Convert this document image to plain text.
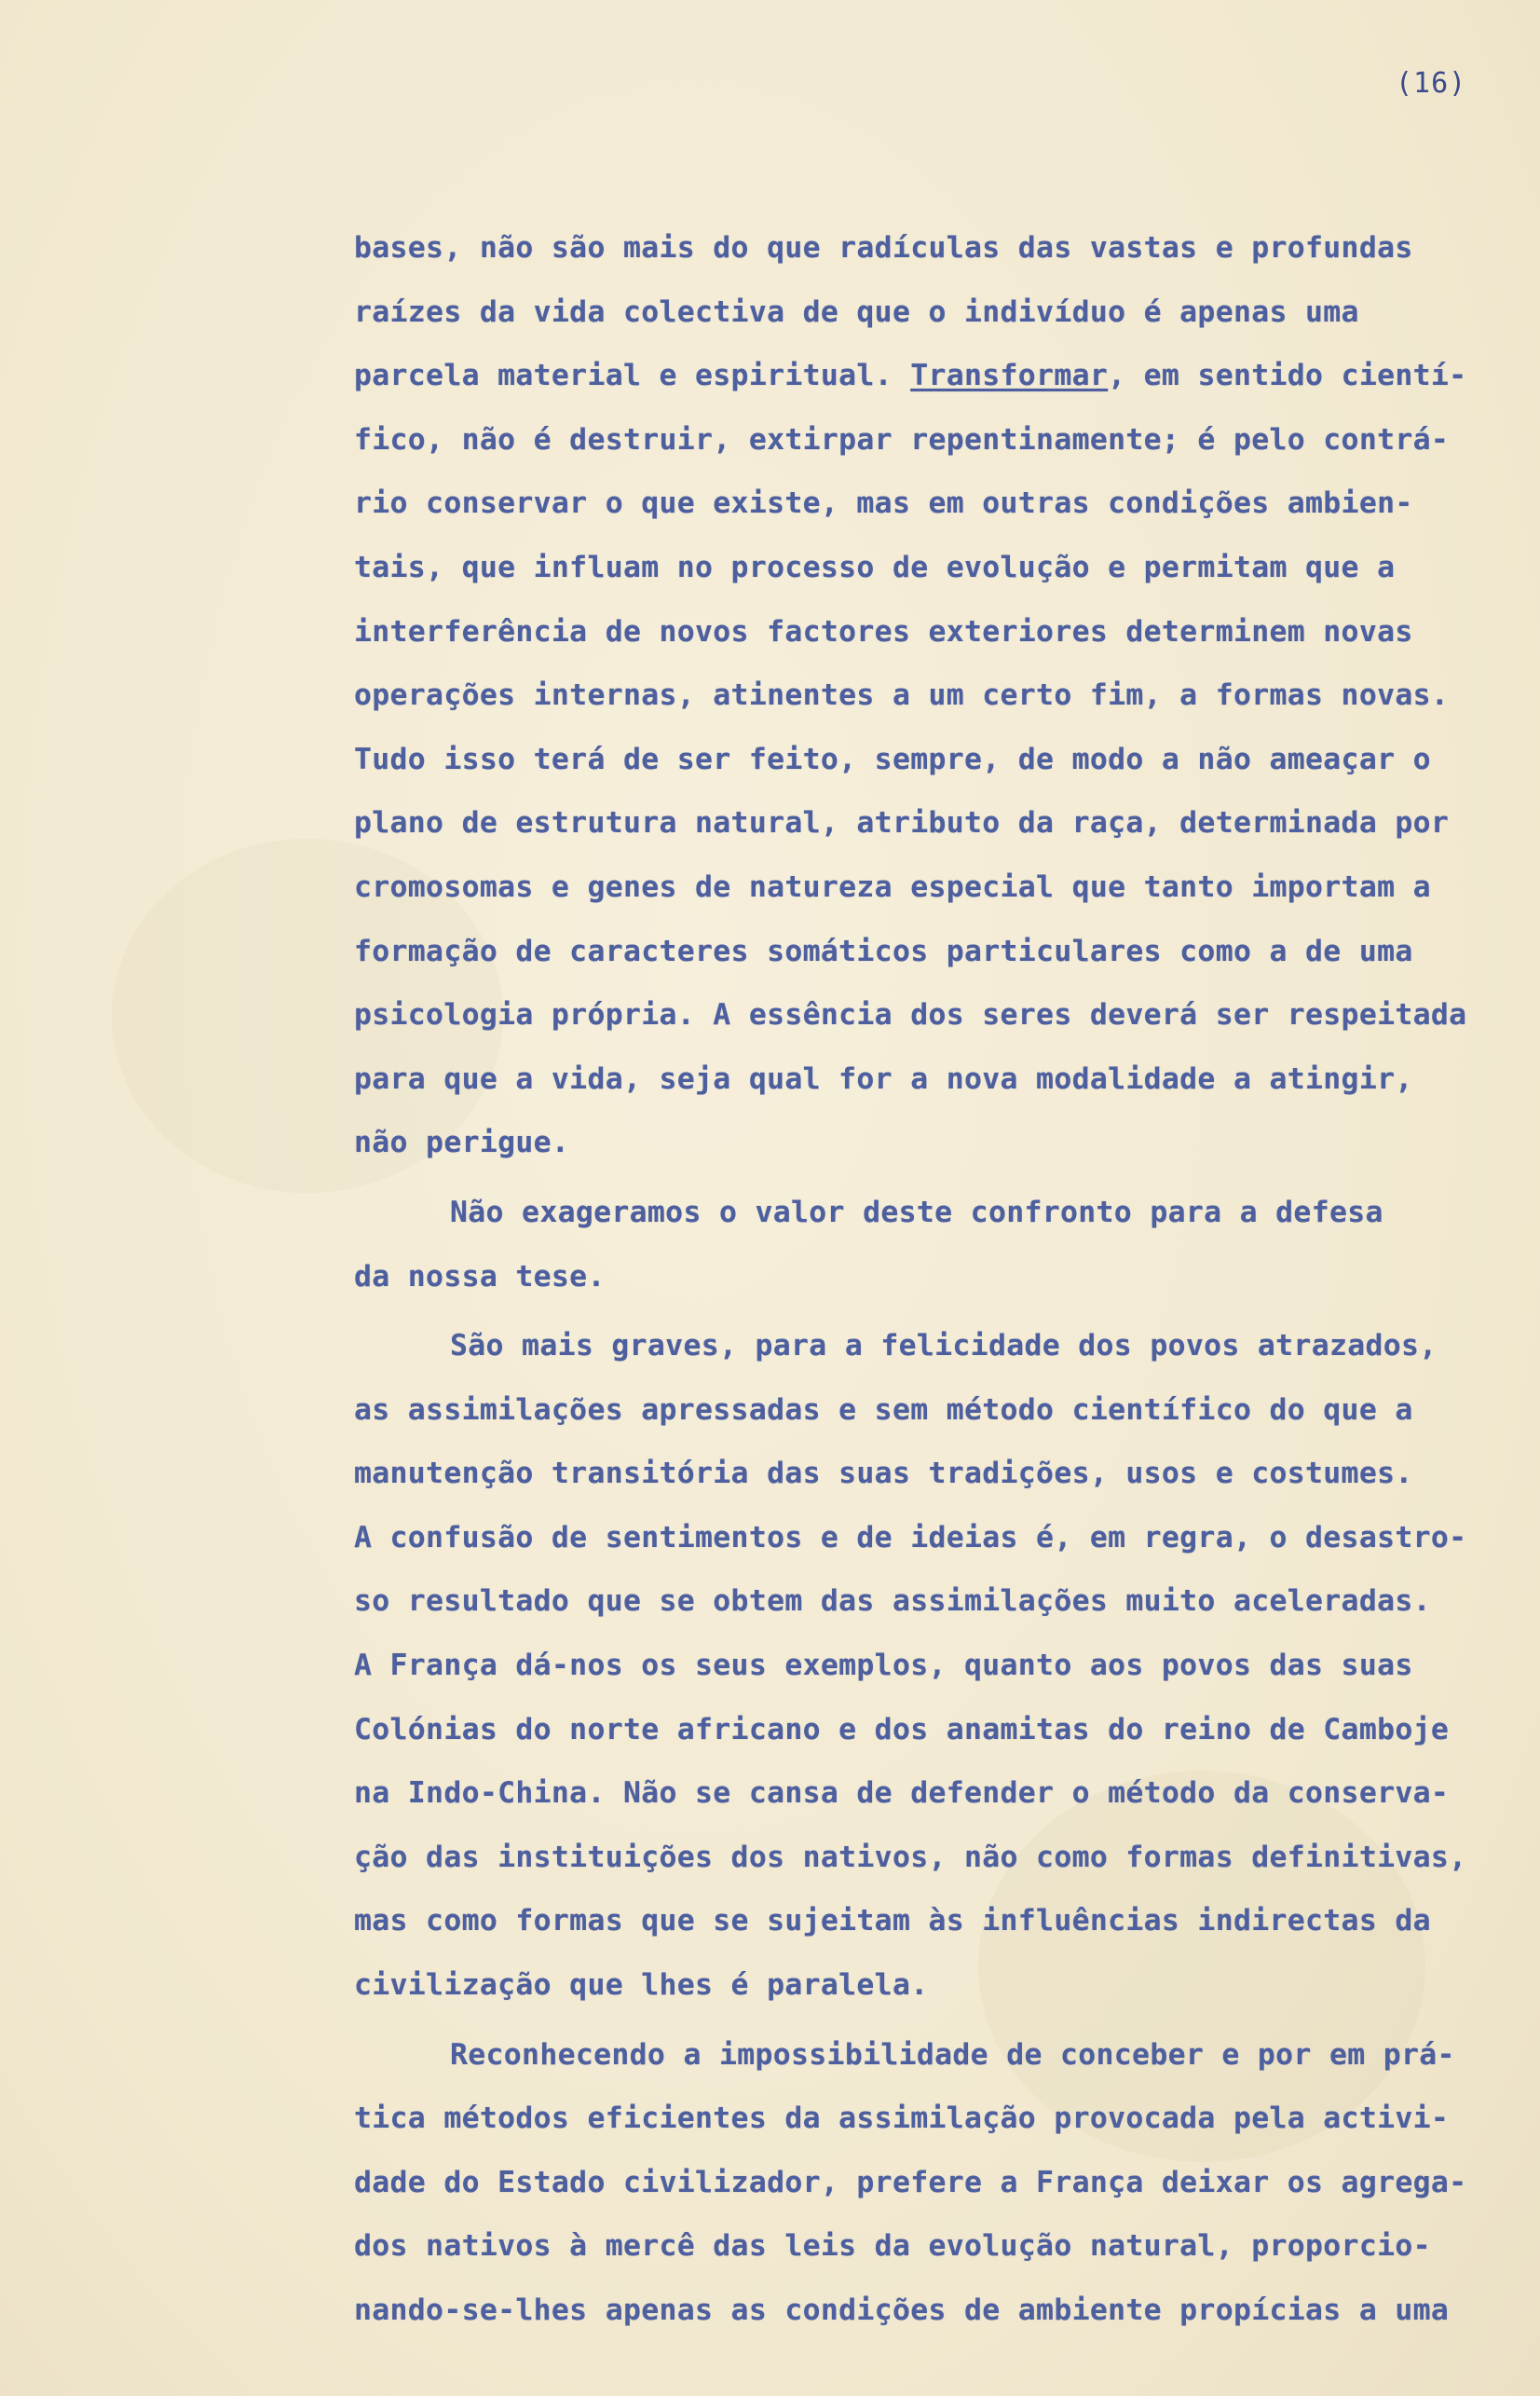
(16)
bases, não são mais do que radículas das vastas e profundas
raízes da vida colectiva de que o indivíduo é apenas uma
parcela material e espiritual. Transformar, em sentido cientí-
fico, não é destruir, extirpar repentinamente; é pelo contrá-
rio conservar o que existe, mas em outras condições ambien-
tais, que influam no processo de evolução e permitam que a
interferência de novos factores exteriores determinem novas
operações internas, atinentes a um certo fim, a formas novas.
Tudo isso terá de ser feito, sempre, de modo a não ameaçar o
plano de estrutura natural, atributo da raça, determinada por
cromosomas e genes de natureza especial que tanto importam a
formação de caracteres somáticos particulares como a de uma
psicologia própria. A essência dos seres deverá ser respeitada
para que a vida, seja qual for a nova modalidade a atingir,
não perigue.
Não exageramos o valor deste confronto para a defesa
da nossa tese.
São mais graves, para a felicidade dos povos atrazados,
as assimilações apressadas e sem método científico do que a
manutenção transitória das suas tradições, usos e costumes.
A confusão de sentimentos e de ideias é, em regra, o desastro-
so resultado que se obtem das assimilações muito aceleradas.
A França dá-nos os seus exemplos, quanto aos povos das suas
Colónias do norte africano e dos anamitas do reino de Camboje
na Indo-China. Não se cansa de defender o método da conserva-
ção das instituições dos nativos, não como formas definitivas,
mas como formas que se sujeitam às influências indirectas da
civilização que lhes é paralela.
Reconhecendo a impossibilidade de conceber e por em prá-
tica métodos eficientes da assimilação provocada pela activi-
dade do Estado civilizador, prefere a França deixar os agrega-
dos nativos à mercê das leis da evolução natural, proporcio-
nando-se-lhes apenas as condições de ambiente propícias a uma
